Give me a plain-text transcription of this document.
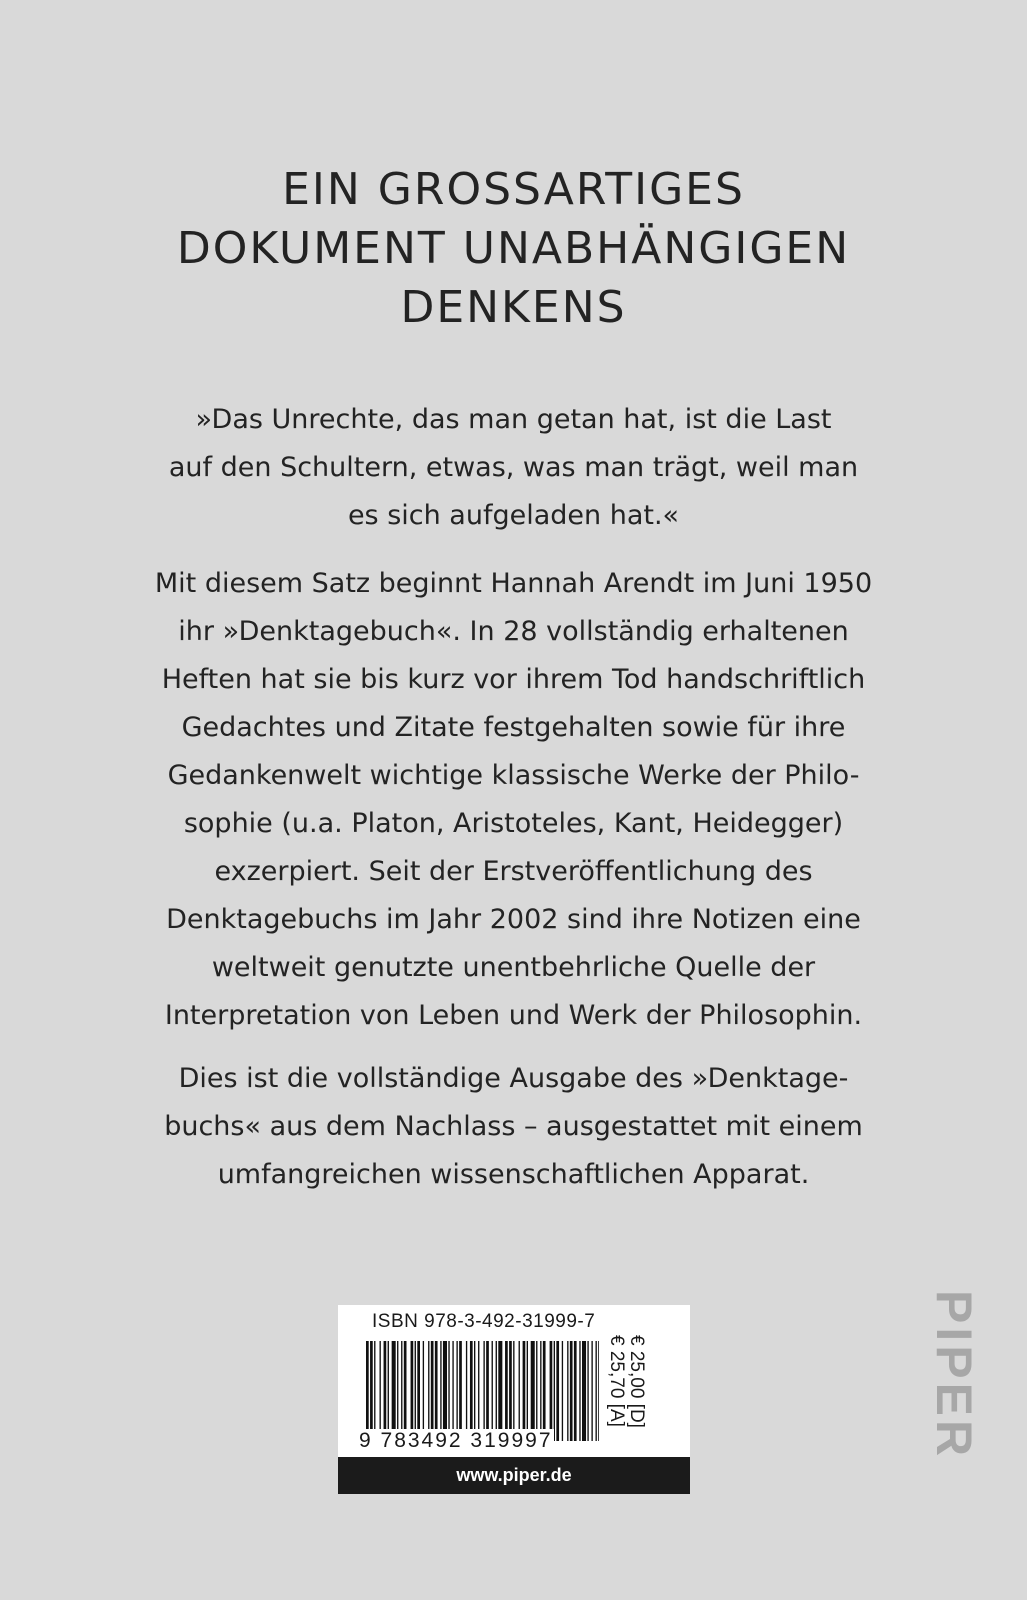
EIN GROSSARTIGES
DOKUMENT UNABHÄNGIGEN
DENKENS

»Das Unrechte, das man getan hat, ist die Last
auf den Schultern, etwas, was man trägt, weil man
es sich aufgeladen hat.«

Mit diesem Satz beginnt Hannah Arendt im Juni 1950
ihr »Denktagebuch«. In 28 vollständig erhaltenen
Heften hat sie bis kurz vor ihrem Tod handschriftlich
Gedachtes und Zitate festgehalten sowie für ihre
Gedankenwelt wichtige klassische Werke der Philo-
sophie (u.a. Platon, Aristoteles, Kant, Heidegger)
exzerpiert. Seit der Erstveröffentlichung des
Denktagebuchs im Jahr 2002 sind ihre Notizen eine
weltweit genutzte unentbehrliche Quelle der
Interpretation von Leben und Werk der Philosophin.

Dies ist die vollständige Ausgabe des »Denktage-
buchs« aus dem Nachlass – ausgestattet mit einem
umfangreichen wissenschaftlichen Apparat.

ISBN 978-3-492-31999-7
9 783492 319997
€ 25,00 [D]
€ 25,70 [A]
www.piper.de
PIPER
